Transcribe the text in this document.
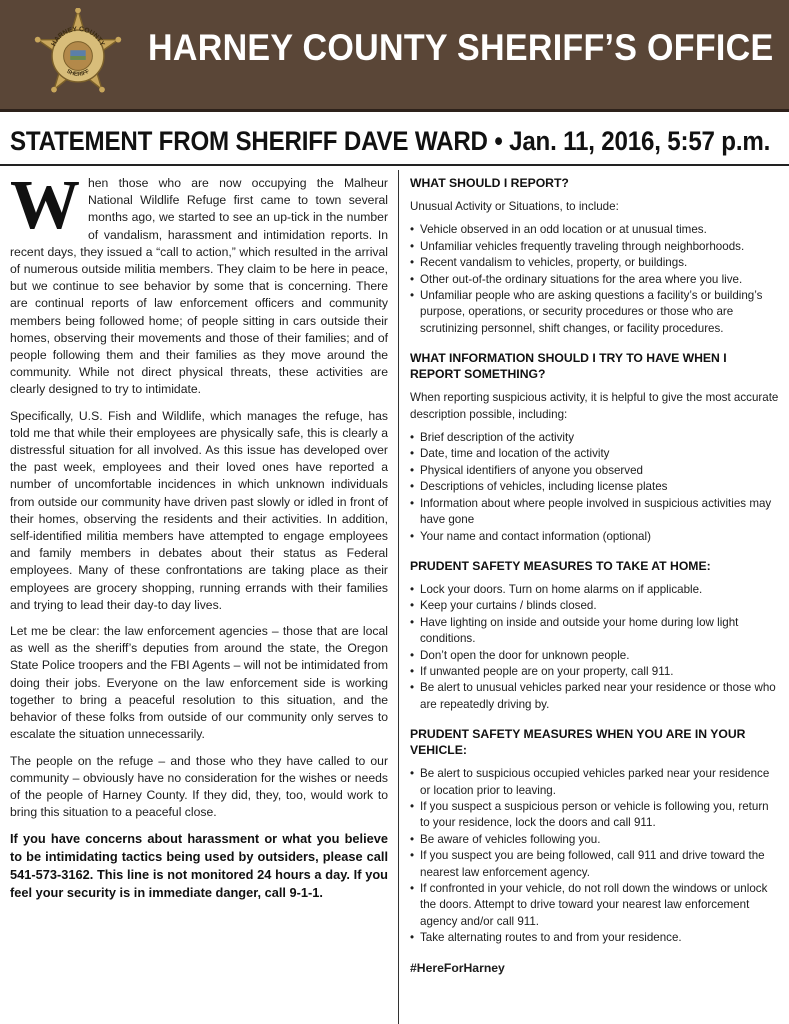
HARNEY COUNTY
SHERIFF
HARNEY COUNTY SHERIFF’S OFFICE
STATEMENT FROM SHERIFF DAVE WARD • Jan. 11, 2016, 5:57 p.m.

When those who are now occupying the Malheur National Wildlife Refuge first came to town several months ago, we started to see an up-tick in the number of vandalism, harassment and intimidation reports. In recent days, they issued a “call to action,” which resulted in the arrival of numerous outside militia members. They claim to be here in peace, but we continue to see behavior by some that is concerning. There are continual reports of law enforcement officers and community members being followed home; of people sitting in cars outside their homes, observing their movements and those of their families; and of people following them and their families as they move around the community. While not direct physical threats, these activities are clearly designed to try to intimidate.

Specifically, U.S. Fish and Wildlife, which manages the refuge, has told me that while their employees are physically safe, this is clearly a distressful situation for all involved. As this issue has developed over the past week, employees and their loved ones have reported a number of uncomfortable incidences in which unknown individuals from outside our community have driven past slowly or idled in front of their homes, observing the residents and their activities. In addition, self-identified militia members have attempted to engage employees and family members in debates about their status as Federal employees. Many of these confrontations are taking place as their employees are grocery shopping, running errands with their families and trying to lead their day-to day lives.

Let me be clear: the law enforcement agencies – those that are local as well as the sheriff’s deputies from around the state, the Oregon State Police troopers and the FBI Agents – will not be intimidated from doing their jobs. Everyone on the law enforcement side is working together to bring a peaceful resolution to this situation, and the behavior of these folks from outside of our community only serves to escalate the situation unnecessarily.

The people on the refuge – and those who they have called to our community – obviously have no consideration for the wishes or needs of the people of Harney County. If they did, they, too, would work to bring this situation to a peaceful close.

If you have concerns about harassment or what you believe to be intimidating tactics being used by outsiders, please call 541-573-3162. This line is not monitored 24 hours a day. If you feel your security is in immediate danger, call 9-1-1.

WHAT SHOULD I REPORT?
Unusual Activity or Situations, to include:
• Vehicle observed in an odd location or at unusual times.
• Unfamiliar vehicles frequently traveling through neighborhoods.
• Recent vandalism to vehicles, property, or buildings.
• Other out-of-the ordinary situations for the area where you live.
• Unfamiliar people who are asking questions a facility’s or building’s purpose, operations, or security procedures or those who are scrutinizing personnel, shift changes, or facility procedures.
WHAT INFORMATION SHOULD I TRY TO HAVE WHEN I REPORT SOMETHING?
When reporting suspicious activity, it is helpful to give the most accurate description possible, including:
• Brief description of the activity
• Date, time and location of the activity
• Physical identifiers of anyone you observed
• Descriptions of vehicles, including license plates
• Information about where people involved in suspicious activities may have gone
• Your name and contact information (optional)
PRUDENT SAFETY MEASURES TO TAKE AT HOME:
• Lock your doors. Turn on home alarms on if applicable.
• Keep your curtains / blinds closed.
• Have lighting on inside and outside your home during low light conditions.
• Don’t open the door for unknown people.
• If unwanted people are on your property, call 911.
• Be alert to unusual vehicles parked near your residence or those who are repeatedly driving by.
PRUDENT SAFETY MEASURES WHEN YOU ARE IN YOUR VEHICLE:
• Be alert to suspicious occupied vehicles parked near your residence or location prior to leaving.
• If you suspect a suspicious person or vehicle is following you, return to your residence, lock the doors and call 911.
• Be aware of vehicles following you.
• If you suspect you are being followed, call 911 and drive toward the nearest law enforcement agency.
• If confronted in your vehicle, do not roll down the windows or unlock the doors. Attempt to drive toward your nearest law enforcement agency and/or call 911.
• Take alternating routes to and from your residence.
#HereForHarney
